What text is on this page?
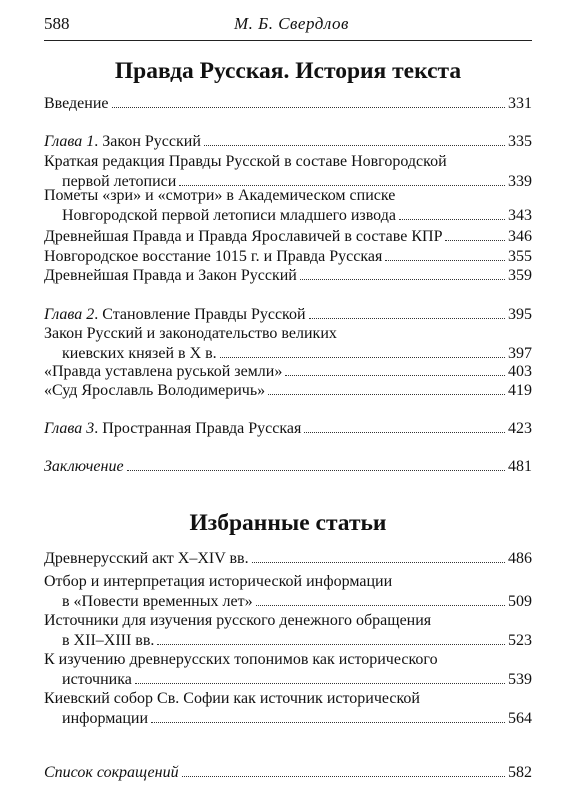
588	М. Б. Свердлов
Правда Русская. История текста
Избранные статьи
Введение	331
Глава 1 . Закон Русский	335
Краткая редакция Правды Русской в составе Новгородской
первой летописи	339
Пометы «зри» и «смотри» в Академическом списке
Новгородской первой летописи младшего извода	343
Древнейшая Правда и Правда Ярославичей в составе КПР	346
Новгородское восстание 1015 г. и Правда Русская	355
Древнейшая Правда и Закон Русский	359
Глава 2 . Становление Правды Русской	395
Закон Русский и законодательство великих
киевских князей в X в.	397
«Правда уставлена руськой земли»	403
«Суд Ярославль Володимеричь»	419
Глава 3 . Пространная Правда Русская	423
Заключение	481
Древнерусский акт X–XIV вв.	486
Отбор и интерпретация исторической информации
в «Повести временных лет»	509
Источники для изучения русского денежного обращения
в XII–XIII вв.	523
К изучению древнерусских топонимов как исторического
источника	539
Киевский собор Св. Софии как источник исторической
информации	564
Список сокращений	582
